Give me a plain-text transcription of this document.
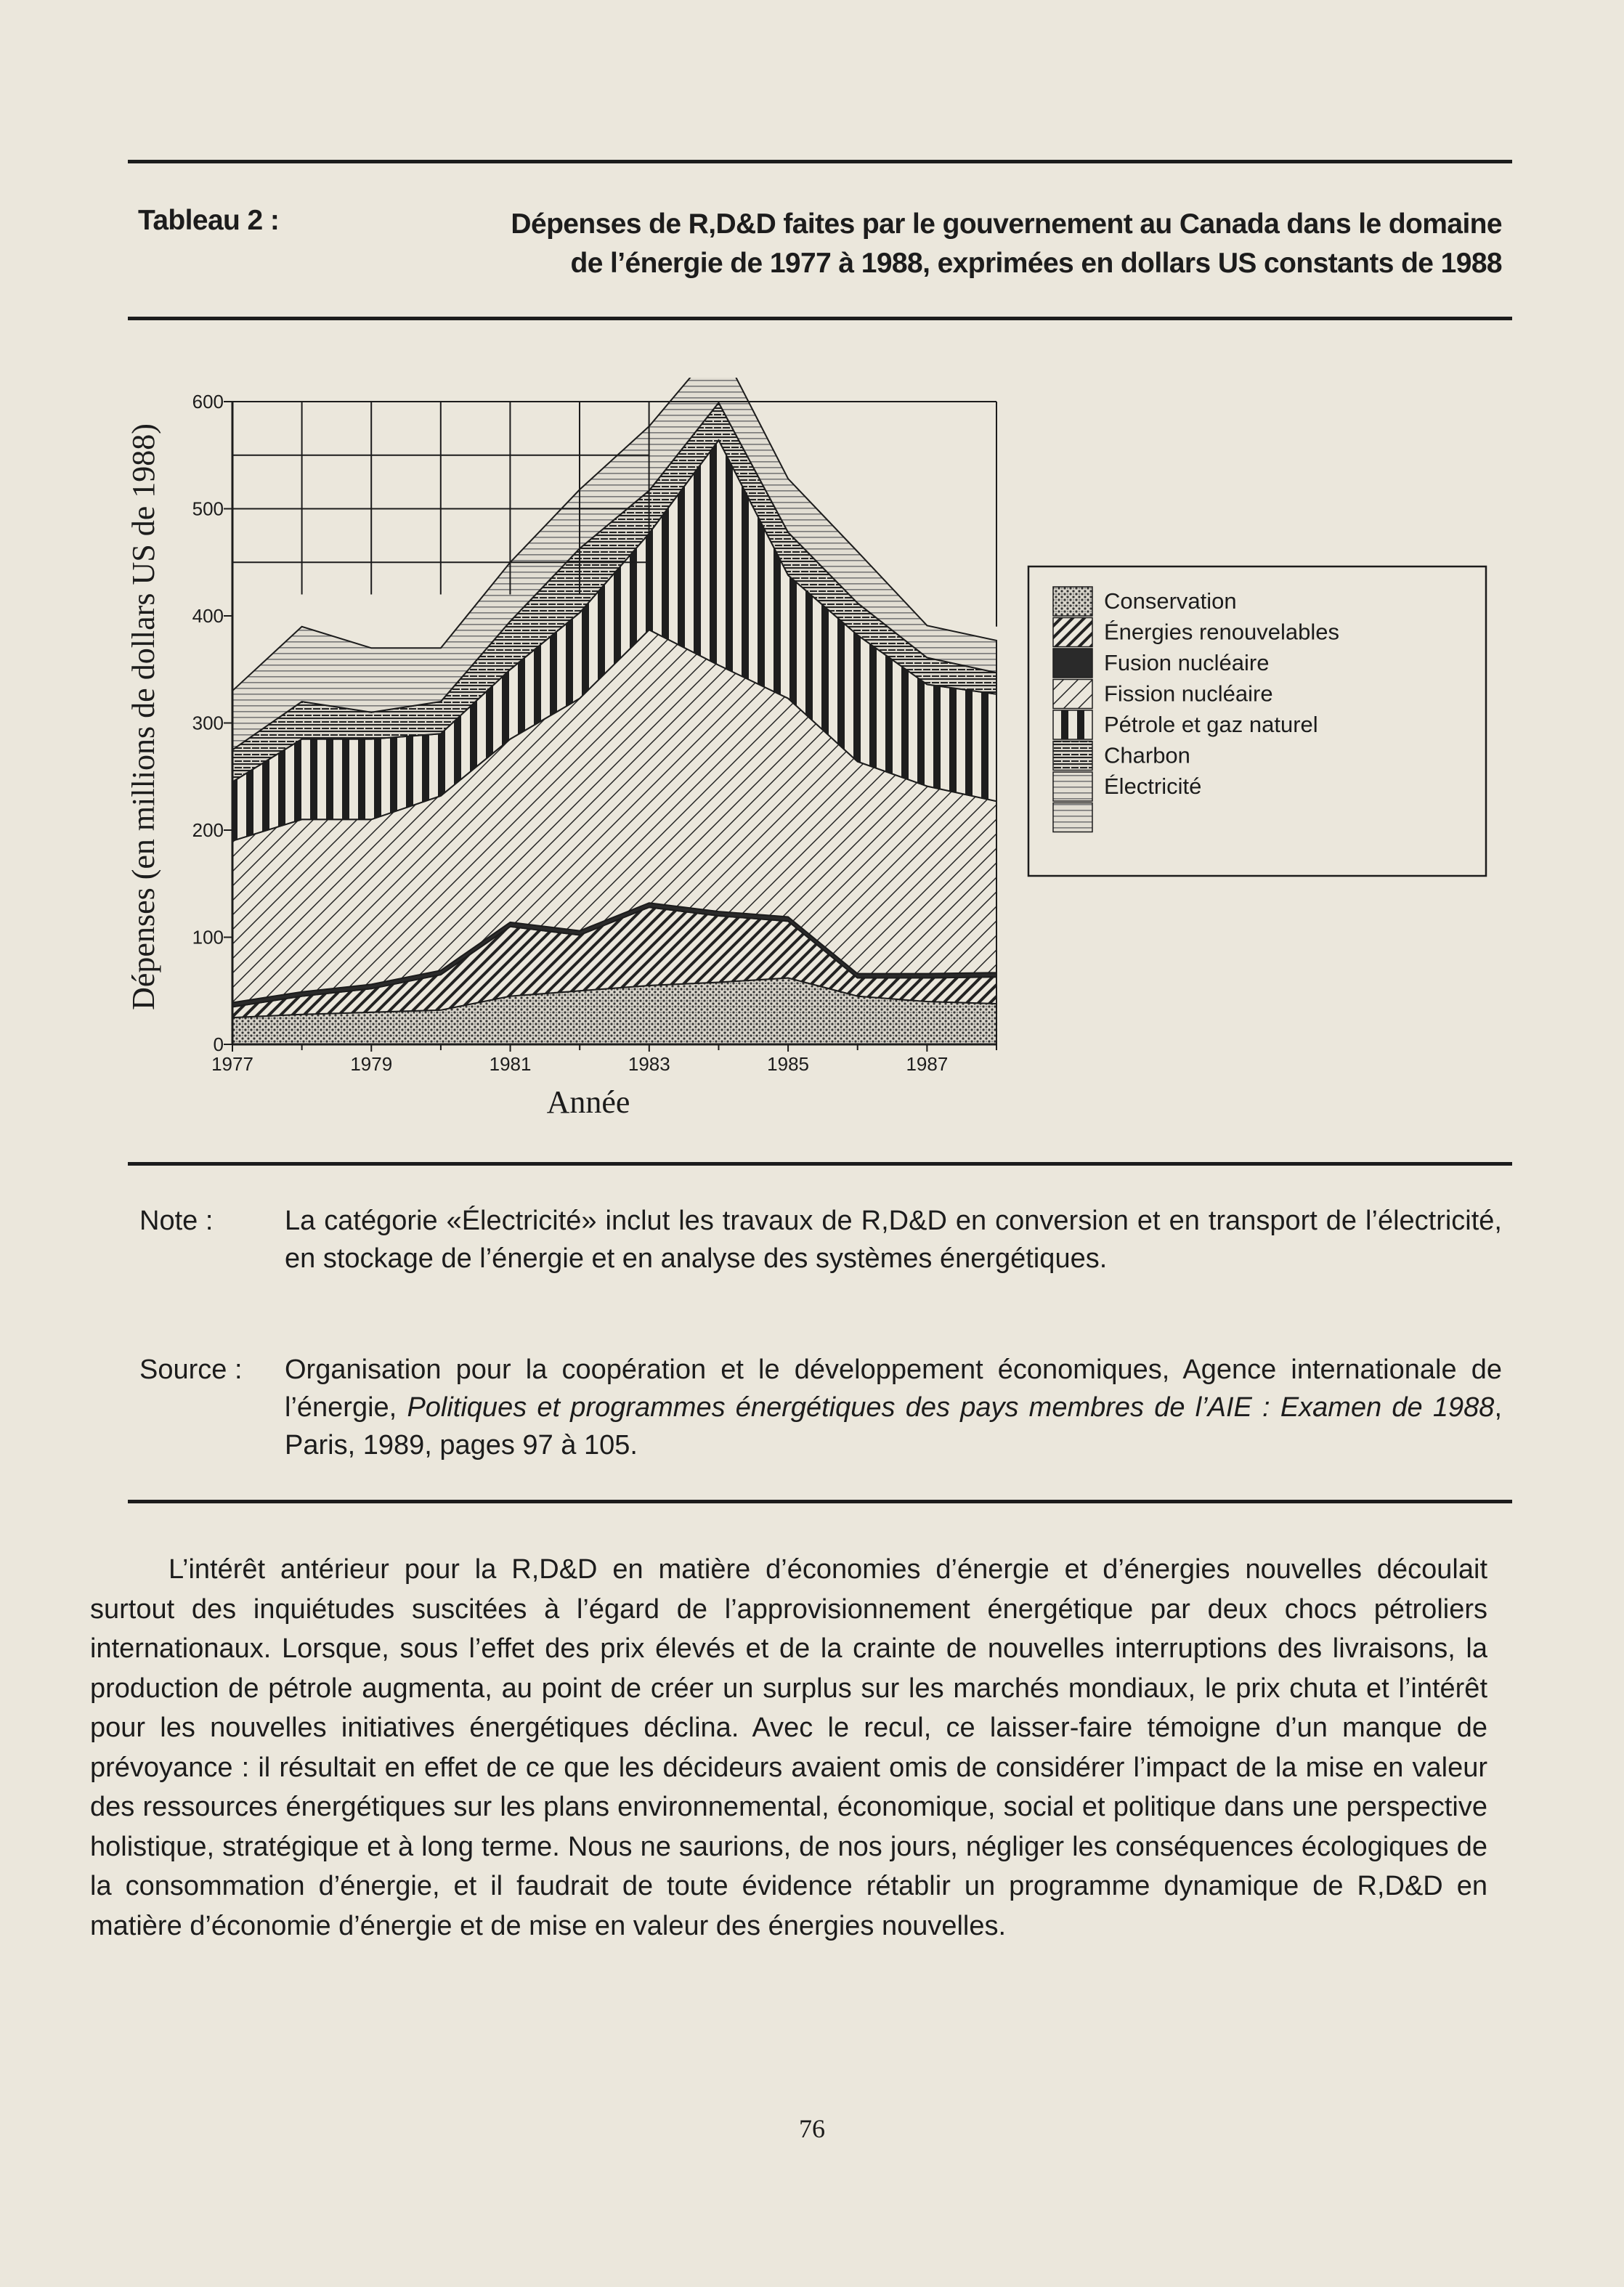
Tableau 2 :	Dépenses de R,D&D faites par le gouvernement au Canada dans le domaine
de l’énergie de 1977 à 1988, exprimées en dollars US constants de 1988
0
100
200
300
400
500
600
1977	1979	1981	1983	1985	1987
Année
Dépenses (en millions de dollars US de 1988)	Conservation
Énergies renouvelables
Fusion nucléaire
Fission nucléaire
Pétrole et gaz naturel
Charbon
Électricité
Note :	La catégorie «Électricité» inclut les travaux de R,D&D en conversion et en transport de l’électricité, en stockage de l’énergie et en analyse des systèmes énergétiques.
Source : Organisation pour la coopération et le développement économiques, Agence internationale de l’énergie, Politiques et programmes énergétiques des pays membres de l’AIE : Examen de 1988, Paris, 1989, pages 97 à 105.

L’intérêt antérieur pour la R,D&D en matière d’économies d’énergie et d’énergies nouvelles découlait surtout des inquiétudes suscitées à l’égard de l’approvisionnement énergétique par deux chocs pétroliers internationaux. Lorsque, sous l’effet des prix élevés et de la crainte de nouvelles interruptions des livraisons, la production de pétrole augmenta, au point de créer un surplus sur les marchés mondiaux, le prix chuta et l’intérêt pour les nouvelles initiatives énergétiques déclina. Avec le recul, ce laisser-faire témoigne d’un manque de prévoyance : il résultait en effet de ce que les décideurs avaient omis de considérer l’impact de la mise en valeur des ressources énergétiques sur les plans environnemental, économique, social et politique dans une perspective holistique, stratégique et à long terme. Nous ne saurions, de nos jours, négliger les conséquences écologiques de la consommation d’énergie, et il faudrait de toute évidence rétablir un programme dynamique de R,D&D en matière d’économie d’énergie et de mise en valeur des énergies nouvelles.

76
